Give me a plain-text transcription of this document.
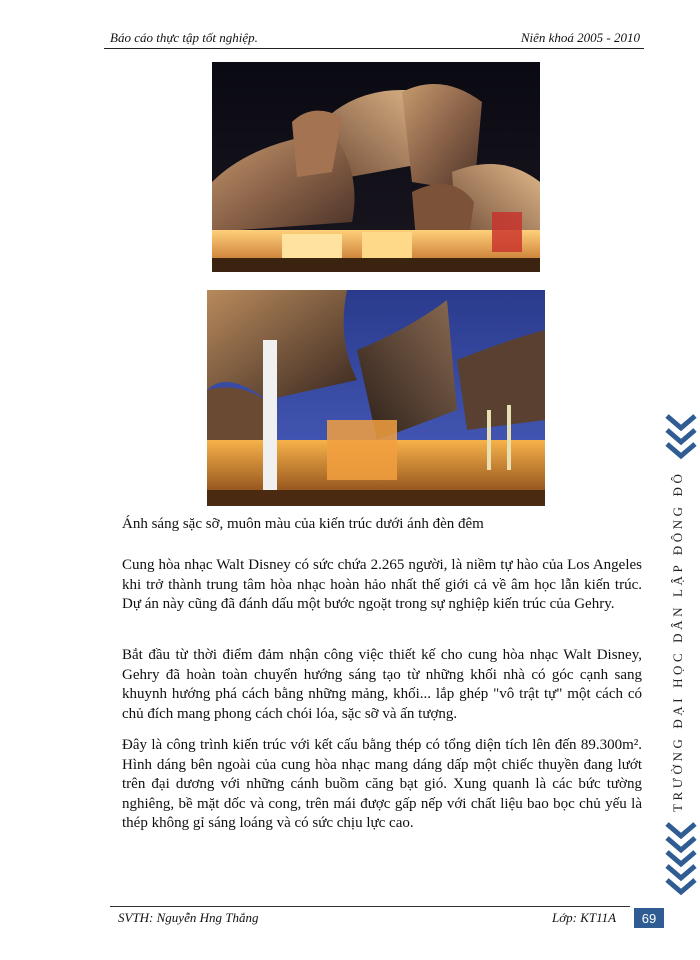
Báo cáo thực tập tốt nghiệp.	Niên khoá 2005 - 2010

Ánh sáng sặc sỡ, muôn màu của kiến trúc dưới ánh đèn đêm

Cung hòa nhạc Walt Disney có sức chứa 2.265 người, là niềm tự hào của Los Angeles khi trở thành trung tâm hòa nhạc hoàn hảo nhất thế giới cả về âm học lẫn kiến trúc. Dự án này cũng đã đánh dấu một bước ngoặt trong sự nghiệp kiến trúc của Gehry.

Bắt đầu từ thời điểm đảm nhận công việc thiết kế cho cung hòa nhạc Walt Disney, Gehry đã hoàn toàn chuyển hướng sáng tạo từ những khối nhà có góc cạnh sang khuynh hướng phá cách bằng những mảng, khối... lắp ghép "vô trật tự" một cách có chủ đích mang phong cách chói lóa, sặc sỡ và ấn tượng.

Đây là công trình kiến trúc với kết cấu bằng thép có tổng diện tích lên đến 89.300m². Hình dáng bên ngoài của cung hòa nhạc mang dáng dấp một chiếc thuyền đang lướt trên đại dương với những cánh buồm căng bạt gió. Xung quanh là các bức tường nghiêng, bề mặt dốc và cong, trên mái được gấp nếp với chất liệu bao bọc chủ yếu là thép không gỉ sáng loáng và có sức chịu lực cao.

TRƯỜNG ĐẠI HỌC DÂN LẬP ĐÔNG ĐÔ
SVTH: Nguyễn Hng Thắng	Lớp: KT11A	69
